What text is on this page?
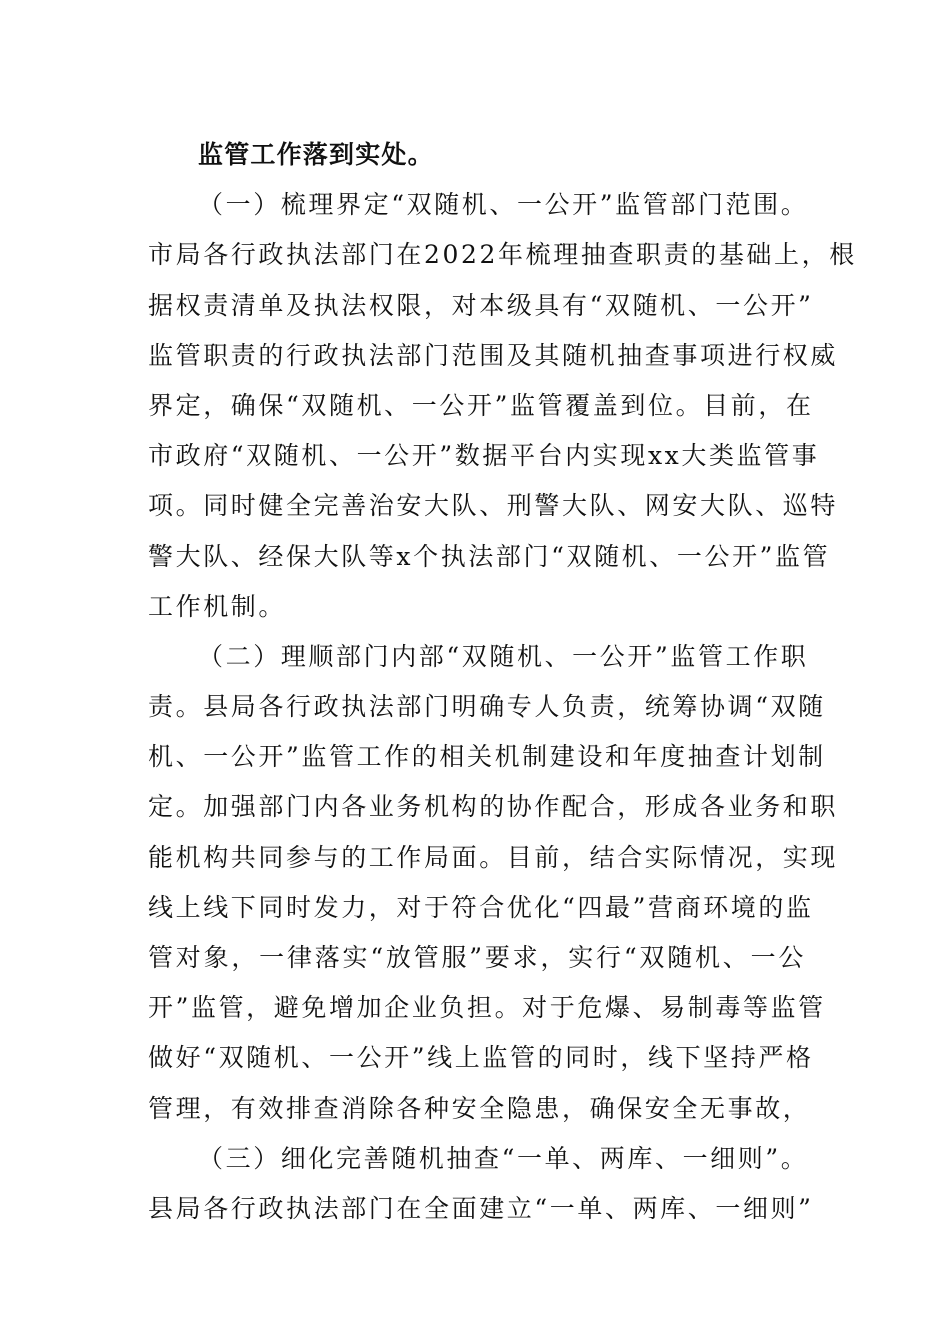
监管工作落到实处。
（一）梳理界定“双随机、一公开”监管部门范围。
市局各行政执法部门在2022年梳理抽查职责的基础上，根
据权责清单及执法权限，对本级具有“双随机、一公开”
监管职责的行政执法部门范围及其随机抽查事项进行权威
界定，确保“双随机、一公开”监管覆盖到位。目前，在
市政府“双随机、一公开”数据平台内实现xx大类监管事
项。同时健全完善治安大队、刑警大队、网安大队、巡特
警大队、经保大队等x个执法部门“双随机、一公开”监管
工作机制。
（二）理顺部门内部“双随机、一公开”监管工作职
责。县局各行政执法部门明确专人负责，统筹协调“双随
机、一公开”监管工作的相关机制建设和年度抽查计划制
定。加强部门内各业务机构的协作配合，形成各业务和职
能机构共同参与的工作局面。目前，结合实际情况，实现
线上线下同时发力，对于符合优化“四最”营商环境的监
管对象，一律落实“放管服”要求，实行“双随机、一公
开”监管，避免增加企业负担。对于危爆、易制毒等监管
做好“双随机、一公开”线上监管的同时，线下坚持严格
管理，有效排查消除各种安全隐患，确保安全无事故，
（三）细化完善随机抽查“一单、两库、一细则”。
县局各行政执法部门在全面建立“一单、两库、一细则”
